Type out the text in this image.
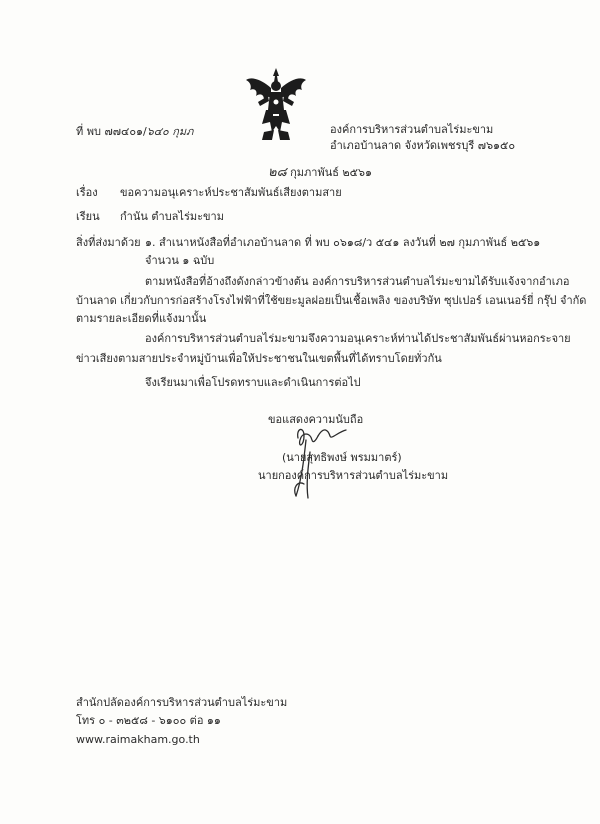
ที่ พบ ๗๗๔๐๑/๖๔๐ กุมภ	องค์การบริหารส่วนตำบลไร่มะขาม
อำเภอบ้านลาด จังหวัดเพชรบุรี ๗๖๑๕๐
๒๘ กุมภาพันธ์ ๒๕๖๑
เรื่อง ขอความอนุเคราะห์ประชาสัมพันธ์เสียงตามสาย
เรียน กำนัน ตำบลไร่มะขาม
สิ่งที่ส่งมาด้วย ๑. สำเนาหนังสือที่อำเภอบ้านลาด ที่ พบ ๐๖๑๘/ว ๕๔๑ ลงวันที่ ๒๗ กุมภาพันธ์ ๒๕๖๑
จำนวน ๑ ฉบับ
ตามหนังสือที่อ้างถึงดังกล่าวข้างต้น องค์การบริหารส่วนตำบลไร่มะขามได้รับแจ้งจากอำเภอ
บ้านลาด เกี่ยวกับการก่อสร้างโรงไฟฟ้าที่ใช้ขยะมูลฝอยเป็นเชื้อเพลิง ของบริษัท ซุปเปอร์ เอนเนอร์ยี่ กรุ๊ป จำกัด
ตามรายละเอียดที่แจ้งมานั้น
องค์การบริหารส่วนตำบลไร่มะขามจึงความอนุเคราะห์ท่านได้ประชาสัมพันธ์ผ่านหอกระจาย
ข่าวเสียงตามสายประจำหมู่บ้านเพื่อให้ประชาชนในเขตพื้นที่ได้ทราบโดยทั่วกัน
จึงเรียนมาเพื่อโปรดทราบและดำเนินการต่อไป
ขอแสดงความนับถือ
(นายสุทธิพงษ์ พรมมาตร์)
นายกองค์การบริหารส่วนตำบลไร่มะขาม
สำนักปลัดองค์การบริหารส่วนตำบลไร่มะขาม
โทร ๐ - ๓๒๕๘ - ๖๑๐๐ ต่อ ๑๑
www.raimakham.go.th
